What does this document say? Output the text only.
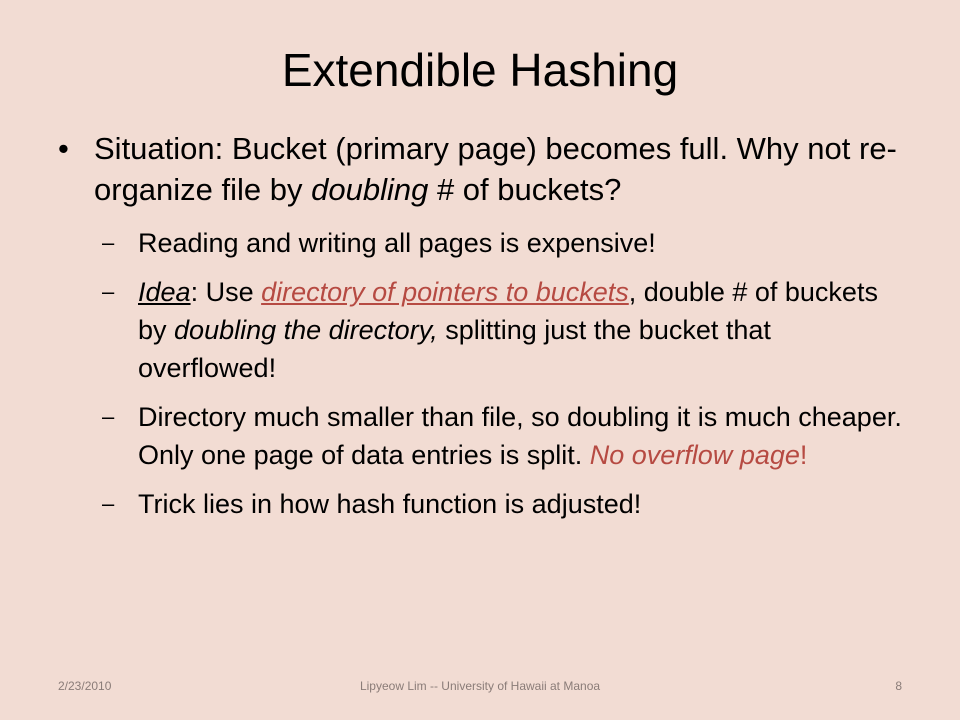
Extendible Hashing
• Situation: Bucket (primary page) becomes full. Why not re-organize file by doubling # of buckets?
– Reading and writing all pages is expensive!
– Idea: Use directory of pointers to buckets, double # of buckets by doubling the directory, splitting just the bucket that overflowed!
– Directory much smaller than file, so doubling it is much cheaper. Only one page of data entries is split. No overflow page!
– Trick lies in how hash function is adjusted!
2/23/2010	Lipyeow Lim -- University of Hawaii at Manoa	8
